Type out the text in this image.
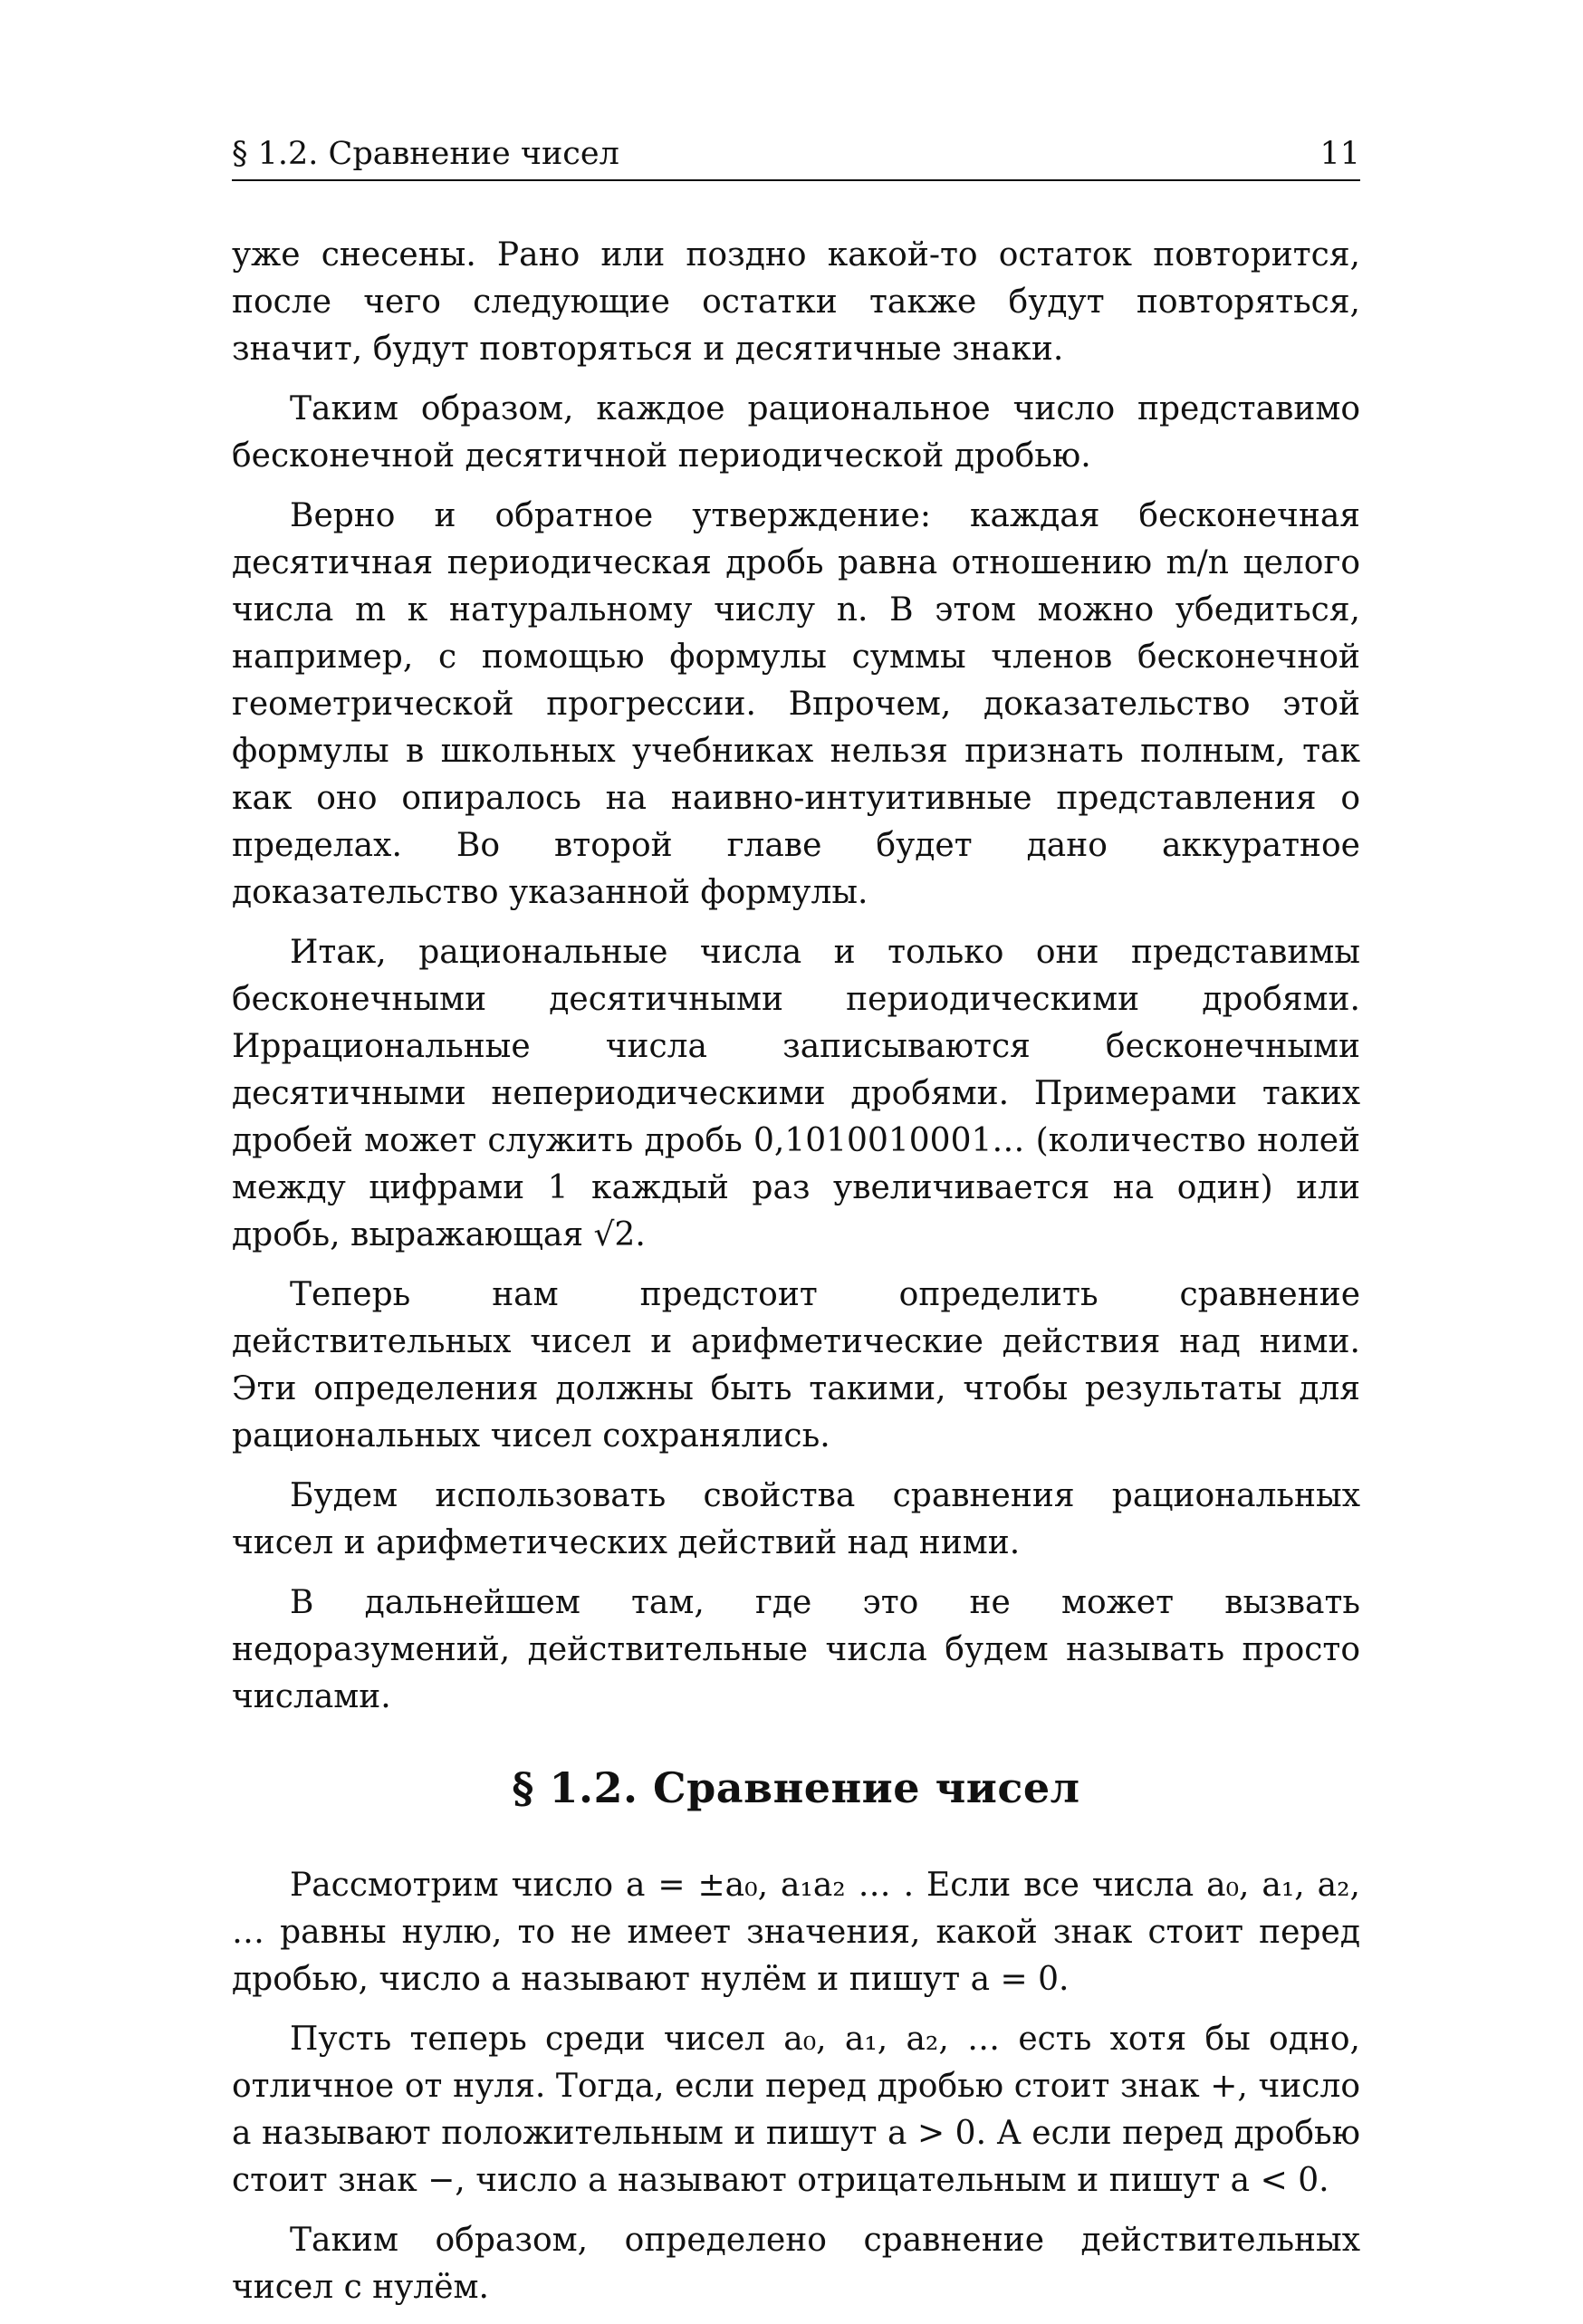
§ 1.2. Сравнение чисел	11

уже снесены. Рано или поздно какой-то остаток повторится, после чего следующие остатки также будут повторяться, значит, будут повторяться и десятичные знаки.

Таким образом, каждое рациональное число представимо бесконечной десятичной периодической дробью.

Верно и обратное утверждение: каждая бесконечная десятичная периодическая дробь равна отношению m/n целого числа m к натуральному числу n. В этом можно убедиться, например, с помощью формулы суммы членов бесконечной геометрической прогрессии. Впрочем, доказательство этой формулы в школьных учебниках нельзя признать полным, так как оно опиралось на наивно-интуитивные представления о пределах. Во второй главе будет дано аккуратное доказательство указанной формулы.

Итак, рациональные числа и только они представимы бесконечными десятичными периодическими дробями. Иррациональные числа записываются бесконечными десятичными непериодическими дробями. Примерами таких дробей может служить дробь 0,1010010001… (количество нолей между цифрами 1 каждый раз увеличивается на один) или дробь, выражающая √2.

Теперь нам предстоит определить сравнение действительных чисел и арифметические действия над ними. Эти определения должны быть такими, чтобы результаты для рациональных чисел сохранялись.

Будем использовать свойства сравнения рациональных чисел и арифметических действий над ними.

В дальнейшем там, где это не может вызвать недоразумений, действительные числа будем называть просто числами.

§ 1.2. Сравнение чисел

Рассмотрим число a = ±a₀, a₁a₂ … . Если все числа a₀, a₁, a₂, … равны нулю, то не имеет значения, какой знак стоит перед дробью, число a называют нулём и пишут a = 0.

Пусть теперь среди чисел a₀, a₁, a₂, … есть хотя бы одно, отличное от нуля. Тогда, если перед дробью стоит знак +, число a называют положительным и пишут a > 0. А если перед дробью стоит знак −, число a называют отрицательным и пишут a < 0.

Таким образом, определено сравнение действительных чисел с нулём.
